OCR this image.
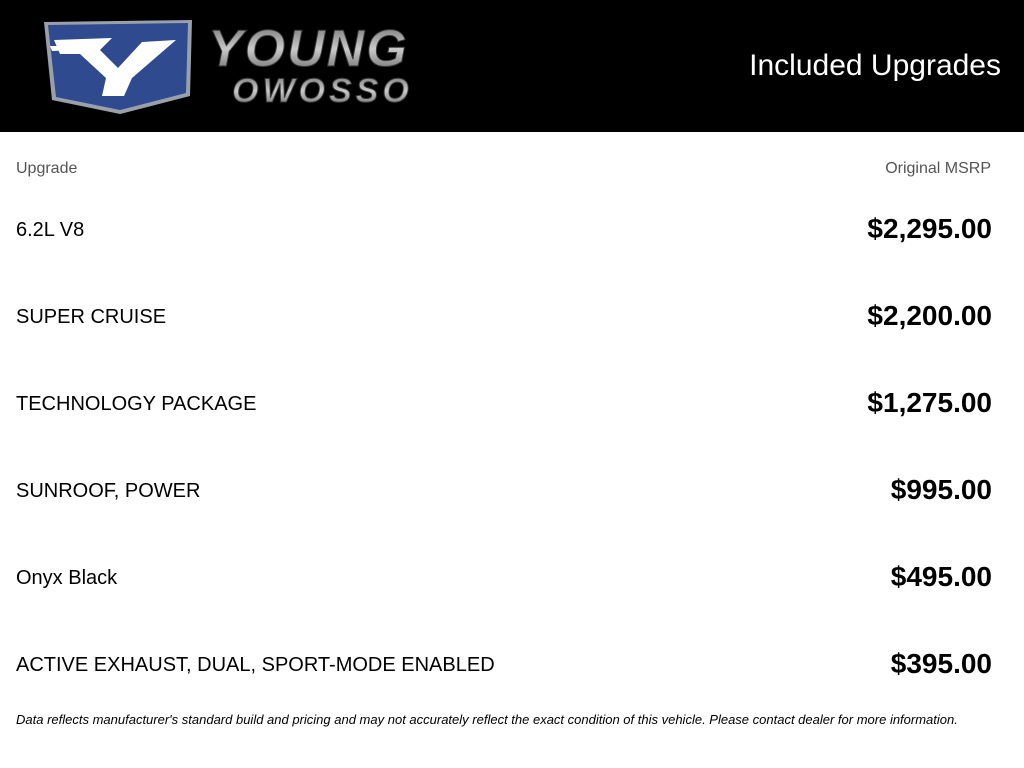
YOUNG
OWOSSO
Included Upgrades
Upgrade	Original MSRP
6.2L V8	$2,295.00
SUPER CRUISE	$2,200.00
TECHNOLOGY PACKAGE	$1,275.00
SUNROOF, POWER	$995.00
Onyx Black	$495.00
ACTIVE EXHAUST, DUAL, SPORT-MODE ENABLED	$395.00
Data reflects manufacturer's standard build and pricing and may not accurately reflect the exact condition of this vehicle. Please contact dealer for more information.
